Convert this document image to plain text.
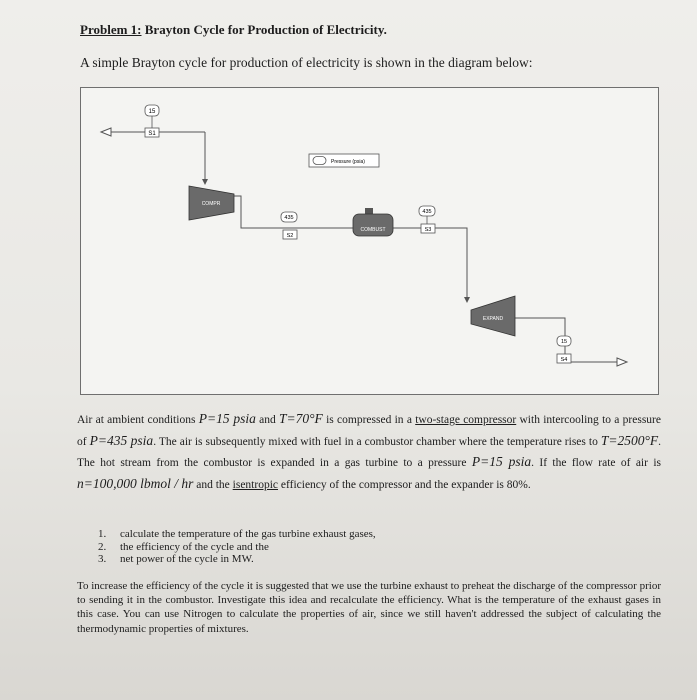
Problem 1: Brayton Cycle for Production of Electricity.
A simple Brayton cycle for production of electricity is shown in the diagram below:
15
S1
Pressure (psia)
COMPR
435
S2
COMBUST
435
S3
EXPAND
15
S4
Air at ambient conditions P=15 psia and T=70°F is compressed in a two-stage compressor with intercooling to a pressure of P=435 psia. The air is subsequently mixed with fuel in a combustor chamber where the temperature rises to T=2500°F. The hot stream from the combustor is expanded in a gas turbine to a pressure P=15 psia. If the flow rate of air is n=100,000 lbmol / hr and the isentropic efficiency of the compressor and the expander is 80%.
1.	calculate the temperature of the gas turbine exhaust gases,
2.	the efficiency of the cycle and the
3.	net power of the cycle in MW.
To increase the efficiency of the cycle it is suggested that we use the turbine exhaust to preheat the discharge of the compressor prior to sending it in the combustor. Investigate this idea and recalculate the efficiency. What is the temperature of the exhaust gases in this case. You can use Nitrogen to calculate the properties of air, since we still haven't addressed the subject of calculating the thermodynamic properties of mixtures.
